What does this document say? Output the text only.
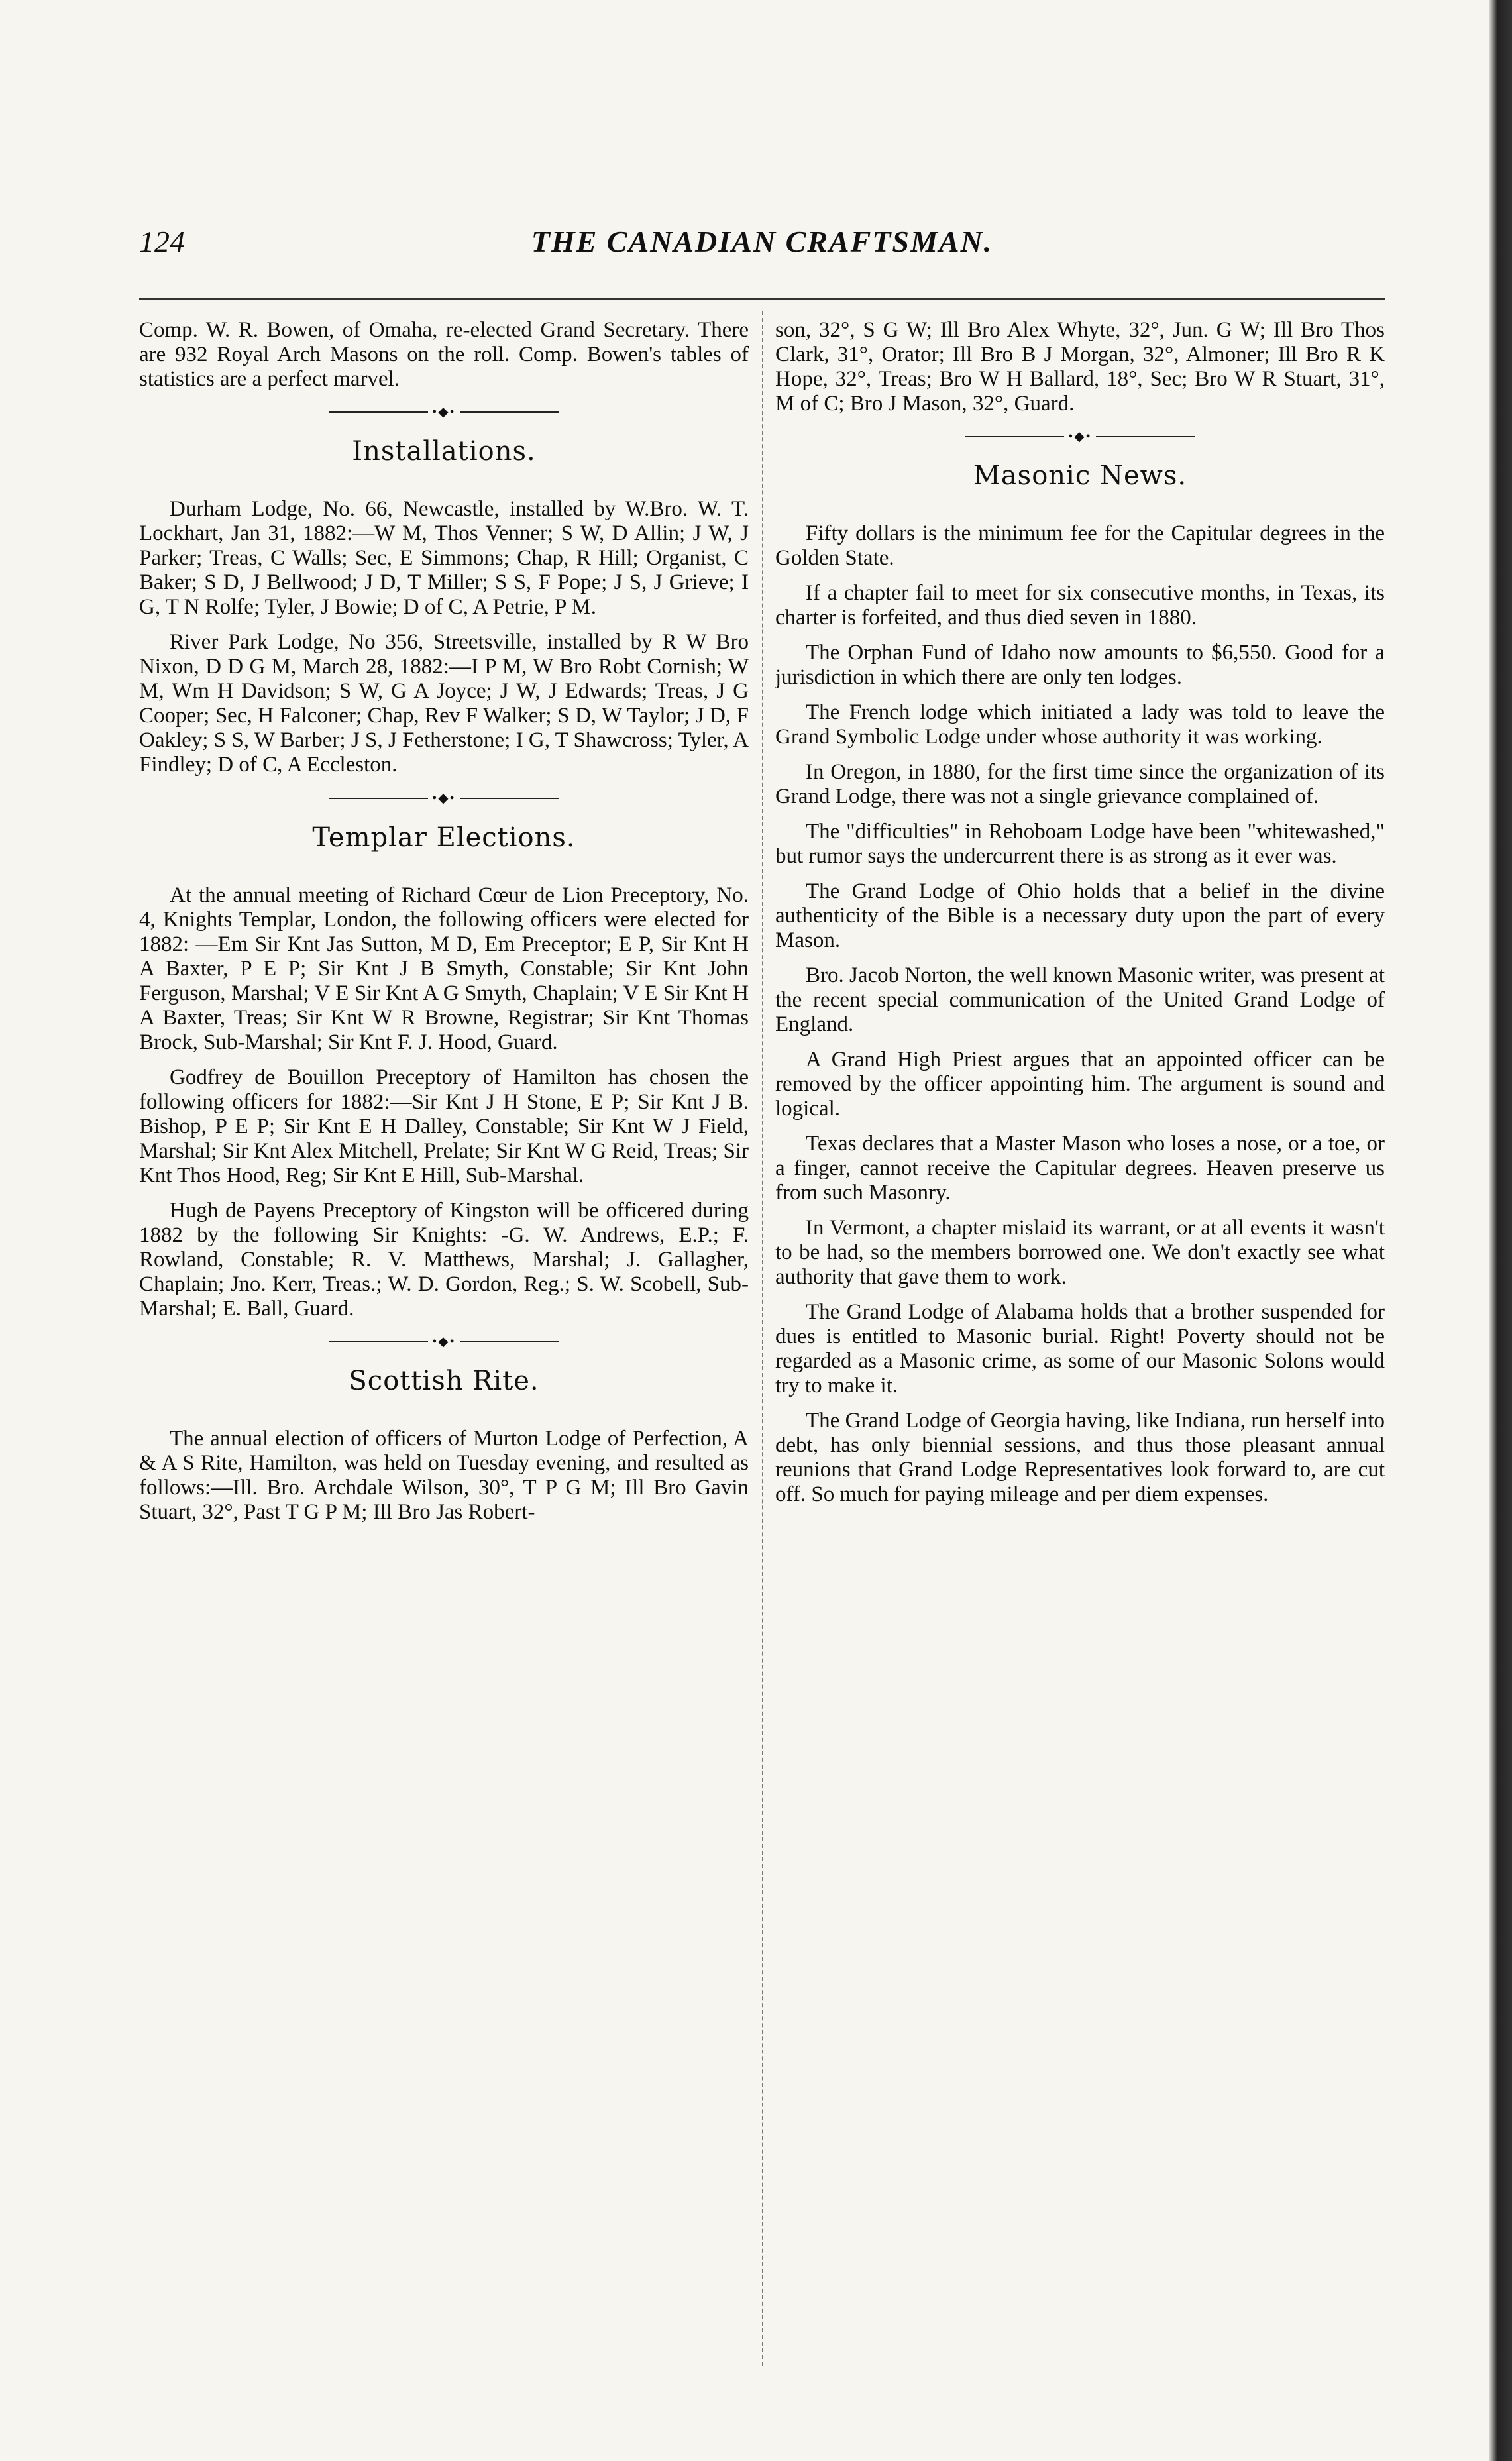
124	THE CANADIAN CRAFTSMAN.

Comp. W. R. Bowen, of Omaha, re-elected Grand Secretary. There are 932 Royal Arch Masons on the roll. Comp. Bowen's tables of statistics are a perfect marvel.

•◆•
Installations.

Durham Lodge, No. 66, Newcastle, installed by W.Bro. W. T. Lockhart, Jan 31, 1882:—W M, Thos Venner; S W, D Allin; J W, J Parker; Treas, C Walls; Sec, E Simmons; Chap, R Hill; Organist, C Baker; S D, J Bellwood; J D, T Miller; S S, F Pope; J S, J Grieve; I G, T N Rolfe; Tyler, J Bowie; D of C, A Petrie, P M.

River Park Lodge, No 356, Streetsville, installed by R W Bro Nixon, D D G M, March 28, 1882:—I P M, W Bro Robt Cornish; W M, Wm H Davidson; S W, G A Joyce; J W, J Edwards; Treas, J G Cooper; Sec, H Falconer; Chap, Rev F Walker; S D, W Taylor; J D, F Oakley; S S, W Barber; J S, J Fetherstone; I G, T Shawcross; Tyler, A Findley; D of C, A Eccleston.

•◆•
Templar Elections.

At the annual meeting of Richard Cœur de Lion Preceptory, No. 4, Knights Templar, London, the following officers were elected for 1882: —Em Sir Knt Jas Sutton, M D, Em Preceptor; E P, Sir Knt H A Baxter, P E P; Sir Knt J B Smyth, Constable; Sir Knt John Ferguson, Marshal; V E Sir Knt A G Smyth, Chaplain; V E Sir Knt H A Baxter, Treas; Sir Knt W R Browne, Registrar; Sir Knt Thomas Brock, Sub-Marshal; Sir Knt F. J. Hood, Guard.

Godfrey de Bouillon Preceptory of Hamilton has chosen the following officers for 1882:—Sir Knt J H Stone, E P; Sir Knt J B. Bishop, P E P; Sir Knt E H Dalley, Constable; Sir Knt W J Field, Marshal; Sir Knt Alex Mitchell, Prelate; Sir Knt W G Reid, Treas; Sir Knt Thos Hood, Reg; Sir Knt E Hill, Sub-Marshal.

Hugh de Payens Preceptory of Kingston will be officered during 1882 by the following Sir Knights: -G. W. Andrews, E.P.; F. Rowland, Constable; R. V. Matthews, Marshal; J. Gallagher, Chaplain; Jno. Kerr, Treas.; W. D. Gordon, Reg.; S. W. Scobell, Sub-Marshal; E. Ball, Guard.

•◆•
Scottish Rite.

The annual election of officers of Murton Lodge of Perfection, A & A S Rite, Hamilton, was held on Tuesday evening, and resulted as follows:—Ill. Bro. Archdale Wilson, 30°, T P G M; Ill Bro Gavin Stuart, 32°, Past T G P M; Ill Bro Jas Robert-

son, 32°, S G W; Ill Bro Alex Whyte, 32°, Jun. G W; Ill Bro Thos Clark, 31°, Orator; Ill Bro B J Morgan, 32°, Almoner; Ill Bro R K Hope, 32°, Treas; Bro W H Ballard, 18°, Sec; Bro W R Stuart, 31°, M of C; Bro J Mason, 32°, Guard.

•◆•
Masonic News.

Fifty dollars is the minimum fee for the Capitular degrees in the Golden State.

If a chapter fail to meet for six consecutive months, in Texas, its charter is forfeited, and thus died seven in 1880.

The Orphan Fund of Idaho now amounts to $6,550. Good for a jurisdiction in which there are only ten lodges.

The French lodge which initiated a lady was told to leave the Grand Symbolic Lodge under whose authority it was working.

In Oregon, in 1880, for the first time since the organization of its Grand Lodge, there was not a single grievance complained of.

The "difficulties" in Rehoboam Lodge have been "whitewashed," but rumor says the undercurrent there is as strong as it ever was.

The Grand Lodge of Ohio holds that a belief in the divine authenticity of the Bible is a necessary duty upon the part of every Mason.

Bro. Jacob Norton, the well known Masonic writer, was present at the recent special communication of the United Grand Lodge of England.

A Grand High Priest argues that an appointed officer can be removed by the officer appointing him. The argument is sound and logical.

Texas declares that a Master Mason who loses a nose, or a toe, or a finger, cannot receive the Capitular degrees. Heaven preserve us from such Masonry.

In Vermont, a chapter mislaid its warrant, or at all events it wasn't to be had, so the members borrowed one. We don't exactly see what authority that gave them to work.

The Grand Lodge of Alabama holds that a brother suspended for dues is entitled to Masonic burial. Right! Poverty should not be regarded as a Masonic crime, as some of our Masonic Solons would try to make it.

The Grand Lodge of Georgia having, like Indiana, run herself into debt, has only biennial sessions, and thus those pleasant annual reunions that Grand Lodge Representatives look forward to, are cut off. So much for paying mileage and per diem expenses.
